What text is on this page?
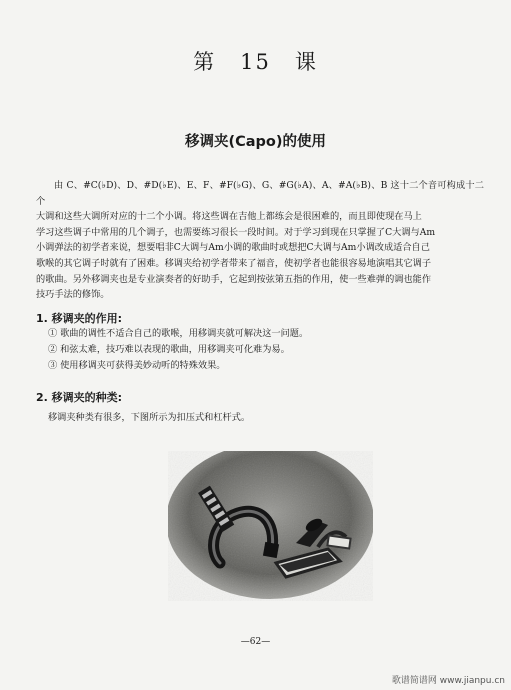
第 15 课
移调夹(Capo)的使用

由 C、#C(♭D)、D、#D(♭E)、E、F、#F(♭G)、G、#G(♭A)、A、#A(♭B)、B 这十二个音可构成十二个

大调和这些大调所对应的十二个小调。将这些调在吉他上都练会是很困难的，而且即使现在马上

学习这些调子中常用的几个调子，也需要练习很长一段时间。对于学习到现在只掌握了C大调与Am

小调弹法的初学者来说，想要唱非C大调与Am小调的歌曲时或想把C大调与Am小调改成适合自己

歌喉的其它调子时就有了困难。移调夹给初学者带来了福音，使初学者也能很容易地演唱其它调子

的歌曲。另外移调夹也是专业演奏者的好助手，它起到按弦第五指的作用，使一些难弹的调也能作

技巧手法的修饰。

1. 移调夹的作用:
① 歌曲的调性不适合自己的歌喉，用移调夹就可解决这一问题。
② 和弦太难，技巧难以表现的歌曲，用移调夹可化难为易。
③ 使用移调夹可获得美妙动听的特殊效果。
2. 移调夹的种类:
移调夹种类有很多，下图所示为扣压式和杠杆式。
—62—
歌谱简谱网 www.jianpu.cn
